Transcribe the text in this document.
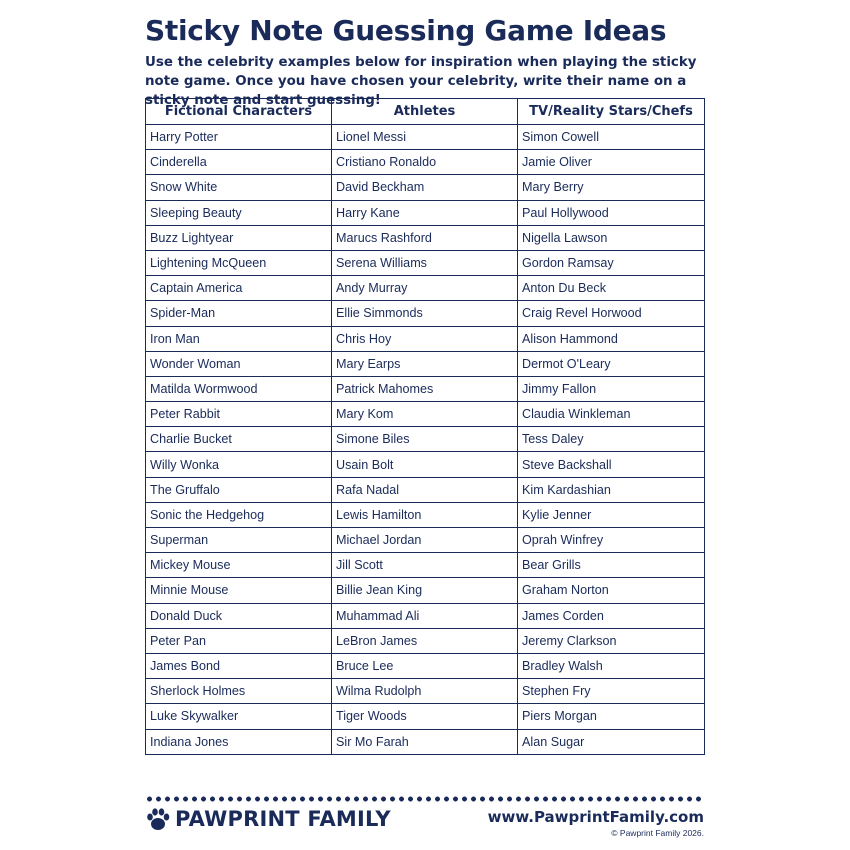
Sticky Note Guessing Game Ideas
Use the celebrity examples below for inspiration when playing the sticky note game. Once you have chosen your celebrity, write their name on a sticky note and start guessing!
Fictional Characters	Athletes	TV/Reality Stars/Chefs
Harry Potter	Lionel Messi	Simon Cowell
Cinderella	Cristiano Ronaldo	Jamie Oliver
Snow White	David Beckham	Mary Berry
Sleeping Beauty	Harry Kane	Paul Hollywood
Buzz Lightyear	Marucs Rashford	Nigella Lawson
Lightening McQueen	Serena Williams	Gordon Ramsay
Captain America	Andy Murray	Anton Du Beck
Spider-Man	Ellie Simmonds	Craig Revel Horwood
Iron Man	Chris Hoy	Alison Hammond
Wonder Woman	Mary Earps	Dermot O'Leary
Matilda Wormwood	Patrick Mahomes	Jimmy Fallon
Peter Rabbit	Mary Kom	Claudia Winkleman
Charlie Bucket	Simone Biles	Tess Daley
Willy Wonka	Usain Bolt	Steve Backshall
The Gruffalo	Rafa Nadal	Kim Kardashian
Sonic the Hedgehog	Lewis Hamilton	Kylie Jenner
Superman	Michael Jordan	Oprah Winfrey
Mickey Mouse	Jill Scott	Bear Grills
Minnie Mouse	Billie Jean King	Graham Norton
Donald Duck	Muhammad Ali	James Corden
Peter Pan	LeBron James	Jeremy Clarkson
James Bond	Bruce Lee	Bradley Walsh
Sherlock Holmes	Wilma Rudolph	Stephen Fry
Luke Skywalker	Tiger Woods	Piers Morgan
Indiana Jones	Sir Mo Farah	Alan Sugar
PAWPRINT FAMILY	www.PawprintFamily.com
© Pawprint Family 2026.
